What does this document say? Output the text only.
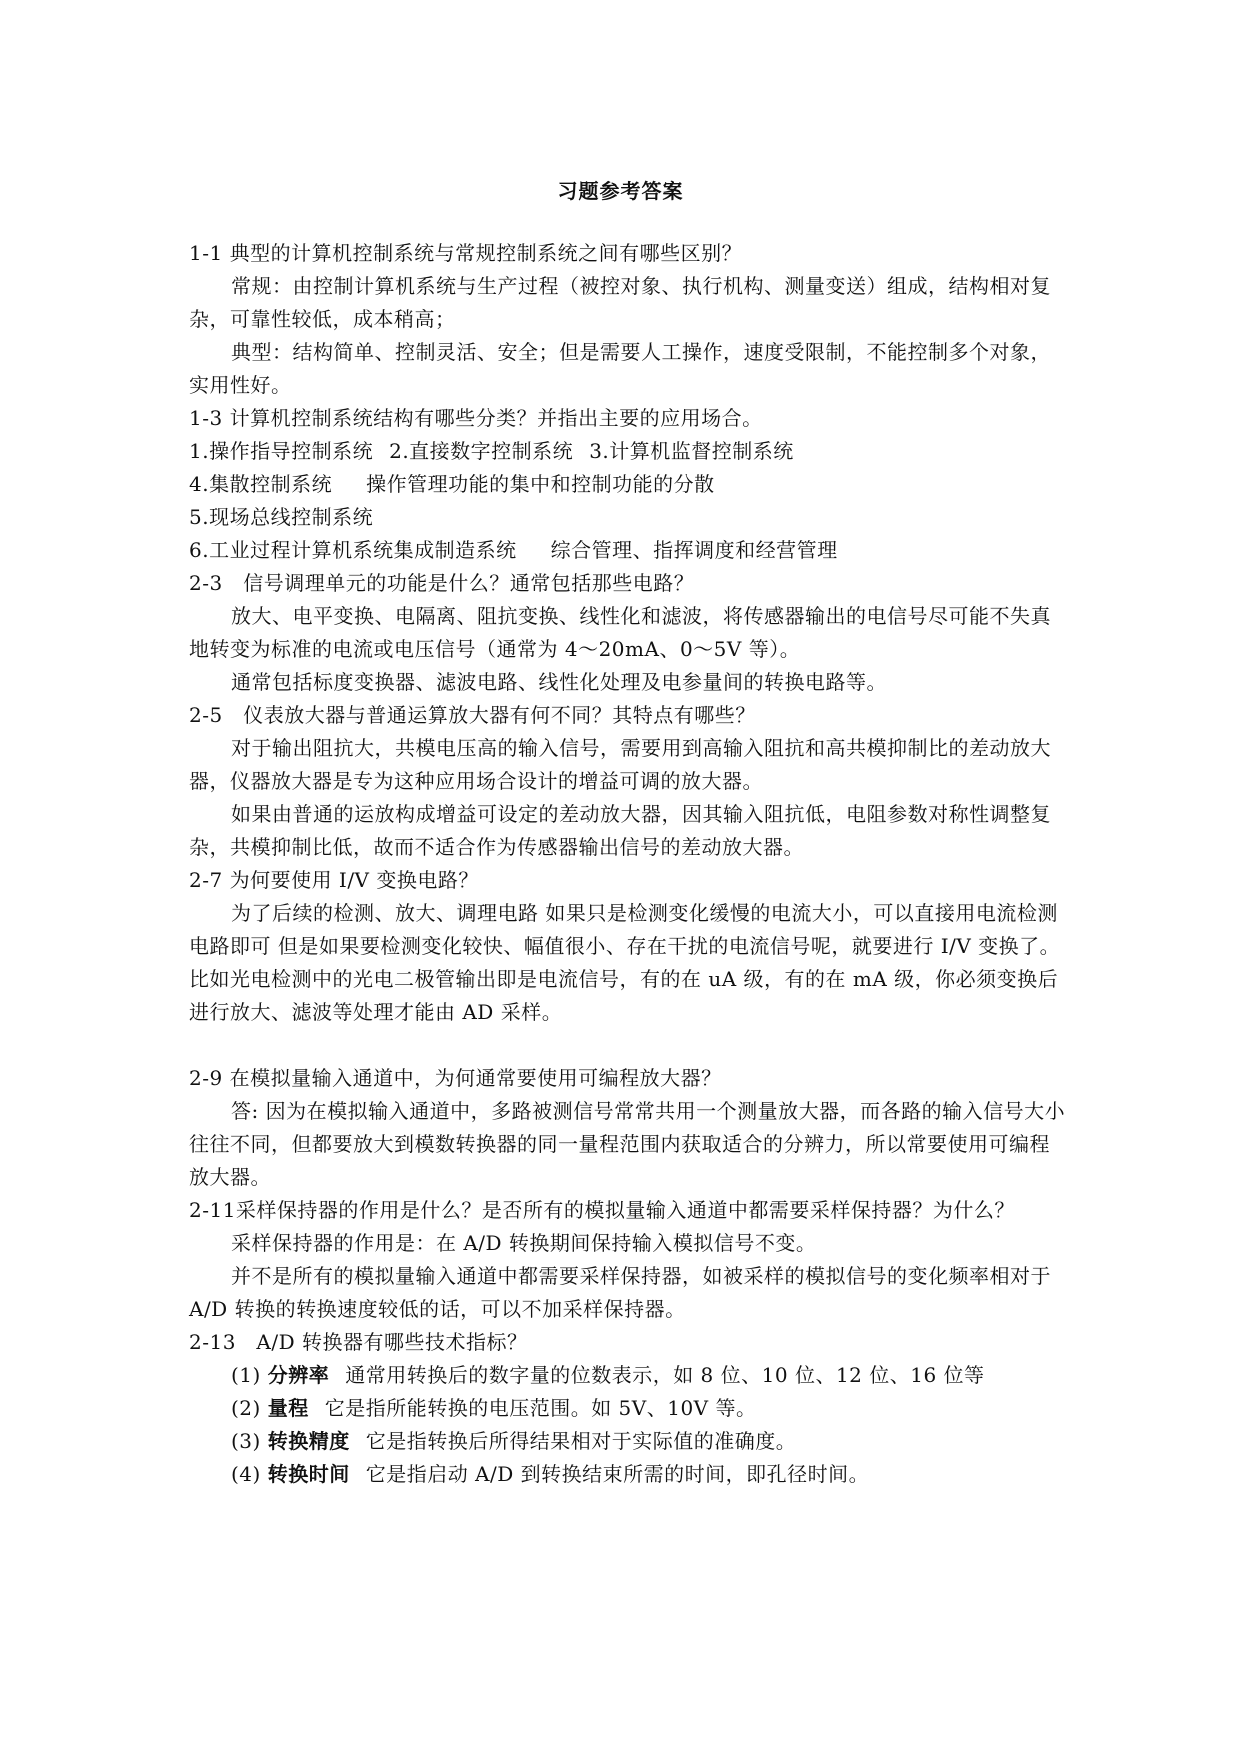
习题参考答案

1-1 典型的计算机控制系统与常规控制系统之间有哪些区别？

常规：由控制计算机系统与生产过程（被控对象、执行机构、测量变送）组成，结构相对复杂，可靠性较低，成本稍高；

典型：结构简单、控制灵活、安全；但是需要人工操作，速度受限制，不能控制多个对象，实用性好。

1-3 计算机控制系统结构有哪些分类？并指出主要的应用场合。

1.操作指导控制系统 2.直接数字控制系统 3.计算机监督控制系统

4.集散控制系统 操作管理功能的集中和控制功能的分散

5.现场总线控制系统

6.工业过程计算机系统集成制造系统 综合管理、指挥调度和经营管理

2-3　信号调理单元的功能是什么？通常包括那些电路？

放大、电平变换、电隔离、阻抗变换、线性化和滤波，将传感器输出的电信号尽可能不失真地转变为标准的电流或电压信号（通常为 4～20mA、0～5V 等）。

通常包括标度变换器、滤波电路、线性化处理及电参量间的转换电路等。

2-5　仪表放大器与普通运算放大器有何不同？其特点有哪些？

对于输出阻抗大，共模电压高的输入信号，需要用到高输入阻抗和高共模抑制比的差动放大器，仪器放大器是专为这种应用场合设计的增益可调的放大器。

如果由普通的运放构成增益可设定的差动放大器，因其输入阻抗低，电阻参数对称性调整复杂，共模抑制比低，故而不适合作为传感器输出信号的差动放大器。

2-7 为何要使用 I/V 变换电路？

为了后续的检测、放大、调理电路 如果只是检测变化缓慢的电流大小，可以直接用电流检测电路即可 但是如果要检测变化较快、幅值很小、存在干扰的电流信号呢，就要进行 I/V 变换了。 比如光电检测中的光电二极管输出即是电流信号，有的在 uA 级，有的在 mA 级，你必须变换后进行放大、滤波等处理才能由 AD 采样。

2-9 在模拟量输入通道中，为何通常要使用可编程放大器？

答: 因为在模拟输入通道中，多路被测信号常常共用一个测量放大器，而各路的输入信号大小往往不同，但都要放大到模数转换器的同一量程范围内获取适合的分辨力，所以常要使用可编程放大器。

2-11采样保持器的作用是什么？是否所有的模拟量输入通道中都需要采样保持器？为什么？

采样保持器的作用是：在 A/D 转换期间保持输入模拟信号不变。

并不是所有的模拟量输入通道中都需要采样保持器，如被采样的模拟信号的变化频率相对于 A/D 转换的转换速度较低的话，可以不加采样保持器。

2-13　A/D 转换器有哪些技术指标？

(1) 分辨率 通常用转换后的数字量的位数表示，如 8 位、10 位、12 位、16 位等

(2) 量程 它是指所能转换的电压范围。如 5V、10V 等。

(3) 转换精度 它是指转换后所得结果相对于实际值的准确度。

(4) 转换时间 它是指启动 A/D 到转换结束所需的时间，即孔径时间。
